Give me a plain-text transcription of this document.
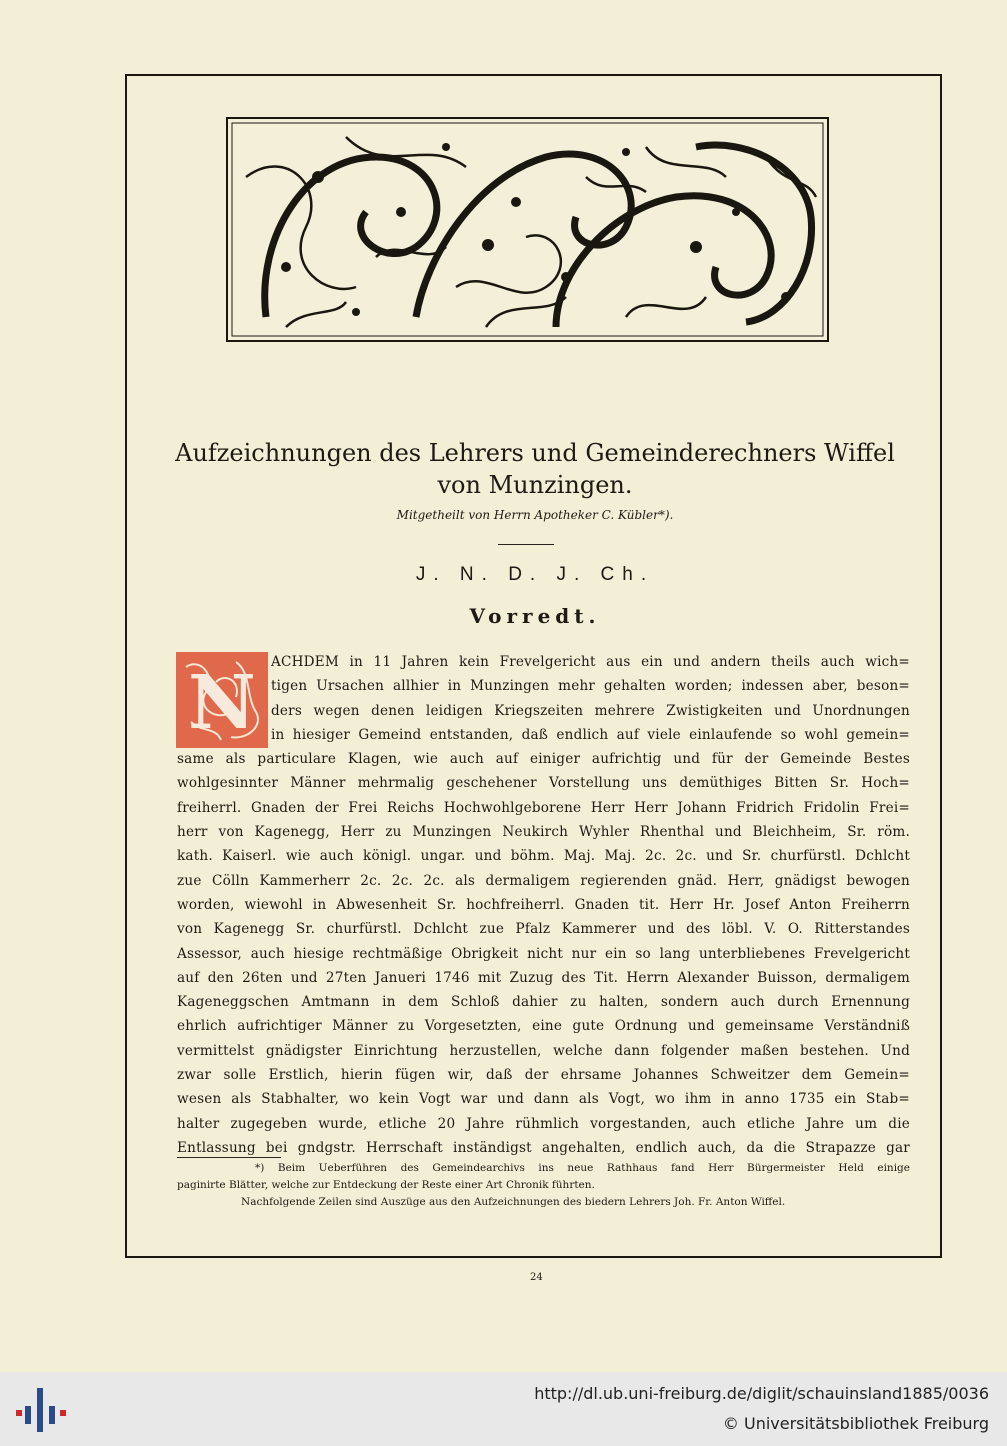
Aufzeichnungen des Lehrers und Gemeinderechners Wiffel
von Munzingen.
Mitgetheilt von Herrn Apotheker C. Kübler*).
J. N. D. J. Ch.
Vorredt.
N	ACHDEM in 11 Jahren kein Frevelgericht aus ein und andern theils auch wich=
tigen Ursachen allhier in Munzingen mehr gehalten worden; indessen aber, beson=
ders wegen denen leidigen Kriegszeiten mehrere Zwistigkeiten und Unordnungen
in hiesiger Gemeind entstanden, daß endlich auf viele einlaufende so wohl gemein=
same als particulare Klagen, wie auch auf einiger aufrichtig und für der Gemeinde Bestes
wohlgesinnter Männer mehrmalig geschehener Vorstellung uns demüthiges Bitten Sr. Hoch=
freiherrl. Gnaden der Frei Reichs Hochwohlgeborene Herr Herr Johann Fridrich Fridolin Frei=
herr von Kagenegg, Herr zu Munzingen Neukirch Wyhler Rhenthal und Bleichheim, Sr. röm.
kath. Kaiserl. wie auch königl. ungar. und böhm. Maj. Maj. 2c. 2c. und Sr. churfürstl. Dchlcht
zue Cölln Kammerherr 2c. 2c. 2c. als dermaligem regierenden gnäd. Herr, gnädigst bewogen
worden, wiewohl in Abwesenheit Sr. hochfreiherrl. Gnaden tit. Herr Hr. Josef Anton Freiherrn
von Kagenegg Sr. churfürstl. Dchlcht zue Pfalz Kammerer und des löbl. V. O. Ritterstandes
Assessor, auch hiesige rechtmäßige Obrigkeit nicht nur ein so lang unterbliebenes Frevelgericht
auf den 26ten und 27ten Janueri 1746 mit Zuzug des Tit. Herrn Alexander Buisson, dermaligem
Kageneggschen Amtmann in dem Schloß dahier zu halten, sondern auch durch Ernennung
ehrlich aufrichtiger Männer zu Vorgesetzten, eine gute Ordnung und gemeinsame Verständniß
vermittelst gnädigster Einrichtung herzustellen, welche dann folgender maßen bestehen. Und
zwar solle Erstlich, hierin fügen wir, daß der ehrsame Johannes Schweitzer dem Gemein=
wesen als Stabhalter, wo kein Vogt war und dann als Vogt, wo ihm in anno 1735 ein Stab=
halter zugegeben wurde, etliche 20 Jahre rühmlich vorgestanden, auch etliche Jahre um die
Entlassung bei gndgstr. Herrschaft inständigst angehalten, endlich auch, da die Strapazze gar
*) Beim Ueberführen des Gemeindearchivs ins neue Rathhaus fand Herr Bürgermeister Held einige
paginirte Blätter, welche zur Entdeckung der Reste einer Art Chronik führten.
Nachfolgende Zeilen sind Auszüge aus den Aufzeichnungen des biedern Lehrers Joh. Fr. Anton Wiffel.
24
http://dl.ub.uni-freiburg.de/diglit/schauinsland1885/0036
© Universitätsbibliothek Freiburg
